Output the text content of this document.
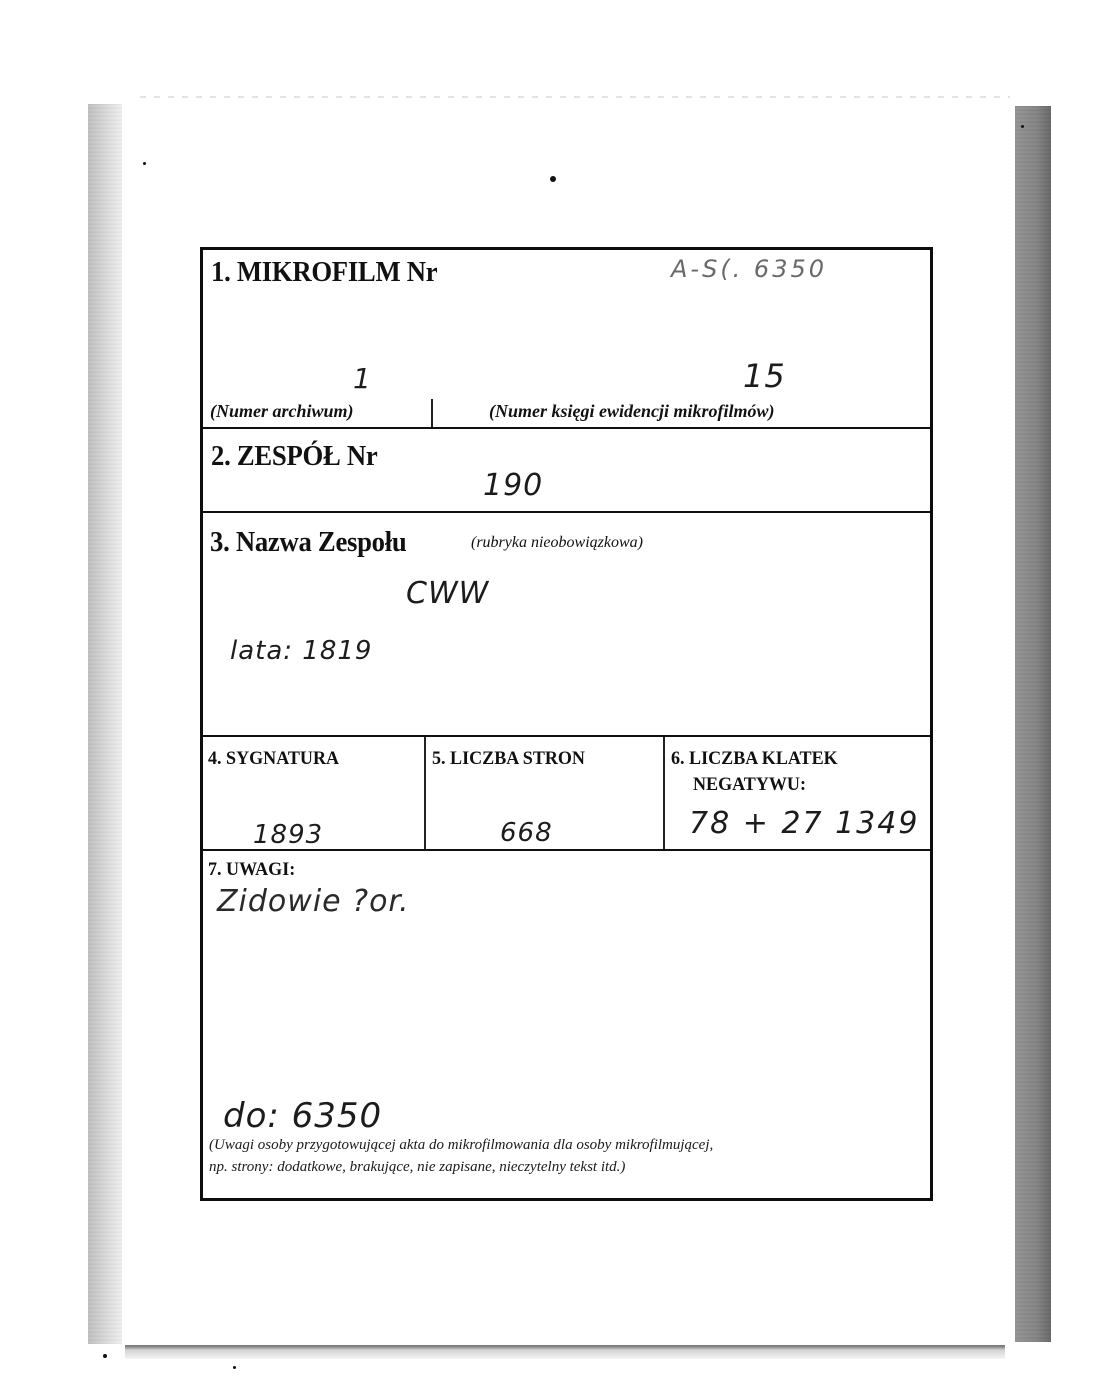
1. MIKROFILM Nr	A-S(. 6350
1
(Numer archiwum)
15
(Numer księgi ewidencji mikrofilmów)
2. ZESPÓŁ Nr
190
3. Nazwa Zespołu	(rubryka nieobowiązkowa)
CWW
lata: 1819
4. SYGNATURA
1893
5. LICZBA STRON
668
6. LICZBA KLATEK
NEGATYWU:
78 + 27 1349
7. UWAGI:
Zidowie ?or.
do: 6350
(Uwagi osoby przygotowującej akta do mikrofilmowania dla osoby mikrofilmującej,
np. strony: dodatkowe, brakujące, nie zapisane, nieczytelny tekst itd.)
